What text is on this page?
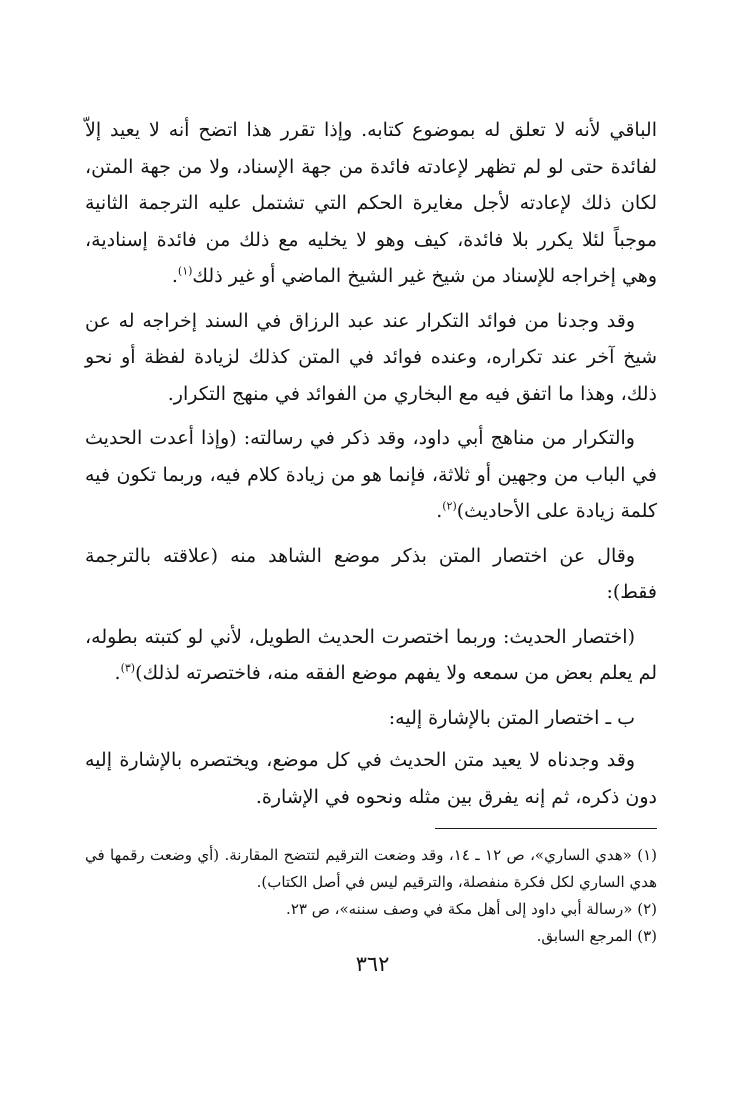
الباقي لأنه لا تعلق له بموضوع كتابه. وإذا تقرر هذا اتضح أنه لا يعيد إلاّ لفائدة حتى لو لم تظهر لإعادته فائدة من جهة الإسناد، ولا من جهة المتن، لكان ذلك لإعادته لأجل مغايرة الحكم التي تشتمل عليه الترجمة الثانية موجباً لئلا يكرر بلا فائدة، كيف وهو لا يخليه مع ذلك من فائدة إسنادية، وهي إخراجه للإسناد من شيخ غير الشيخ الماضي أو غير ذلك$^{(١)}$.

وقد وجدنا من فوائد التكرار عند عبد الرزاق في السند إخراجه له عن شيخ آخر عند تكراره، وعنده فوائد في المتن كذلك لزيادة لفظة أو نحو ذلك، وهذا ما اتفق فيه مع البخاري من الفوائد في منهج التكرار.

والتكرار من مناهج أبي داود، وقد ذكر في رسالته: (وإذا أعدت الحديث في الباب من وجهين أو ثلاثة، فإنما هو من زيادة كلام فيه، وربما تكون فيه كلمة زيادة على الأحاديث)$^{(٢)}$.

وقال عن اختصار المتن بذكر موضع الشاهد منه (علاقته بالترجمة فقط):

(اختصار الحديث: وربما اختصرت الحديث الطويل، لأني لو كتبته بطوله، لم يعلم بعض من سمعه ولا يفهم موضع الفقه منه، فاختصرته لذلك)$^{(٣)}$.

ب ـ اختصار المتن بالإشارة إليه:

وقد وجدناه لا يعيد متن الحديث في كل موضع، ويختصره بالإشارة إليه دون ذكره، ثم إنه يفرق بين مثله ونحوه في الإشارة.

(١) «هدي الساري»، ص ١٢ ـ ١٤، وقد وضعت الترقيم لتتضح المقارنة. (أي وضعت رقمها في هدي الساري لكل فكرة منفصلة، والترقيم ليس في أصل الكتاب).

(٢) «رسالة أبي داود إلى أهل مكة في وصف سننه»، ص ٢٣.

(٣) المرجع السابق.

٣٦٢
